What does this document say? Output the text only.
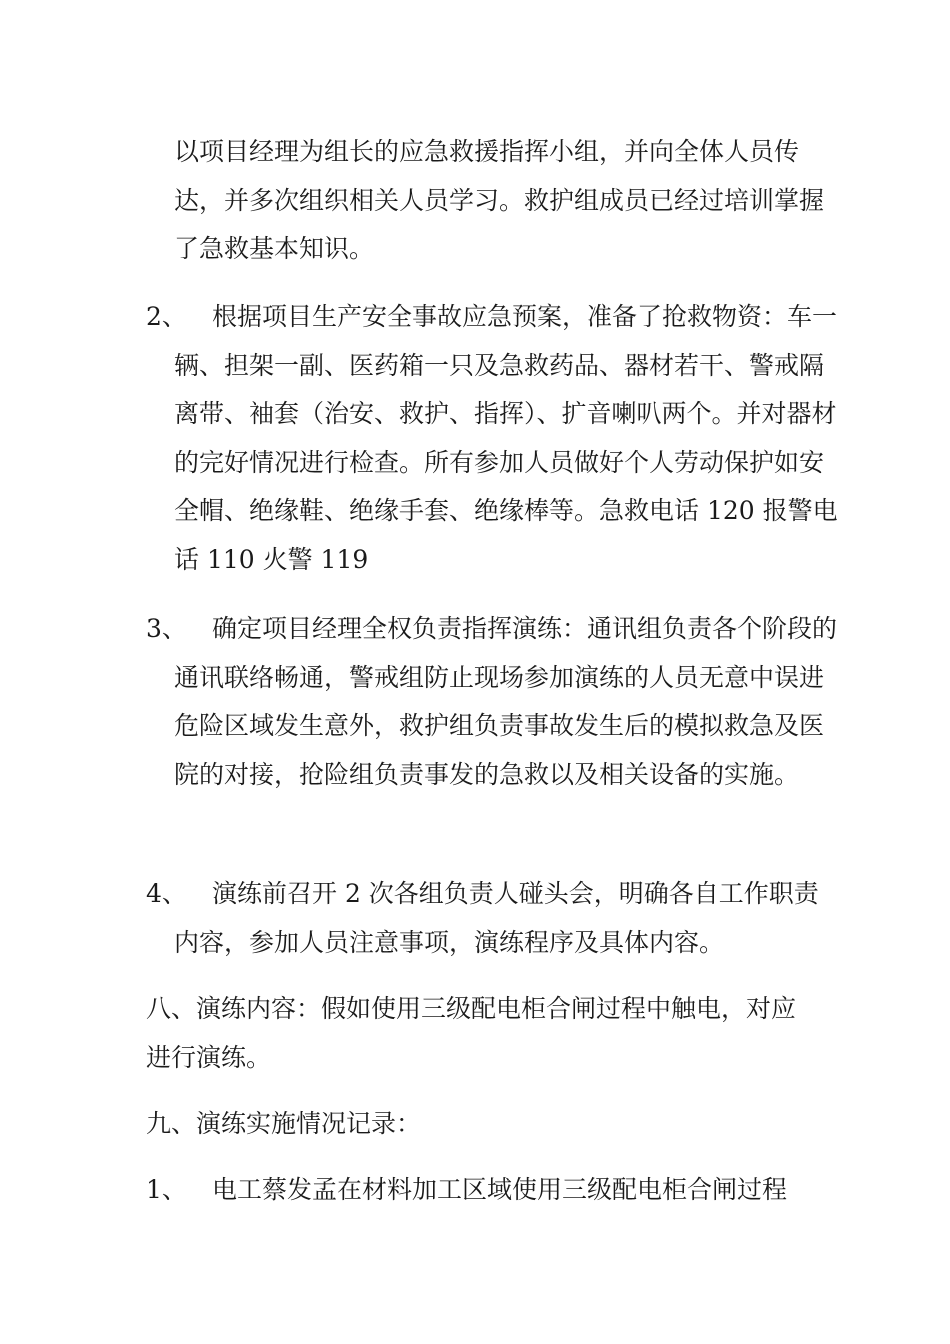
以项目经理为组长的应急救援指挥小组，并向全体人员传达，并多次组织相关人员学习。救护组成员已经过培训掌握了急救基本知识。
2、 根据项目生产安全事故应急预案，准备了抢救物资：车一辆、担架一副、医药箱一只及急救药品、器材若干、警戒隔离带、袖套（治安、救护、指挥）、扩音喇叭两个。并对器材的完好情况进行检查。所有参加人员做好个人劳动保护如安全帽、绝缘鞋、绝缘手套、绝缘棒等。急救电话 120 报警电话 110 火警 119
3、 确定项目经理全权负责指挥演练：通讯组负责各个阶段的通讯联络畅通，警戒组防止现场参加演练的人员无意中误进危险区域发生意外，救护组负责事故发生后的模拟救急及医院的对接，抢险组负责事发的急救以及相关设备的实施。
4、 演练前召开 2 次各组负责人碰头会，明确各自工作职责内容，参加人员注意事项，演练程序及具体内容。
八、演练内容：假如使用三级配电柜合闸过程中触电，对应进行演练。
九、演练实施情况记录：
1、 电工蔡发孟在材料加工区域使用三级配电柜合闸过程
